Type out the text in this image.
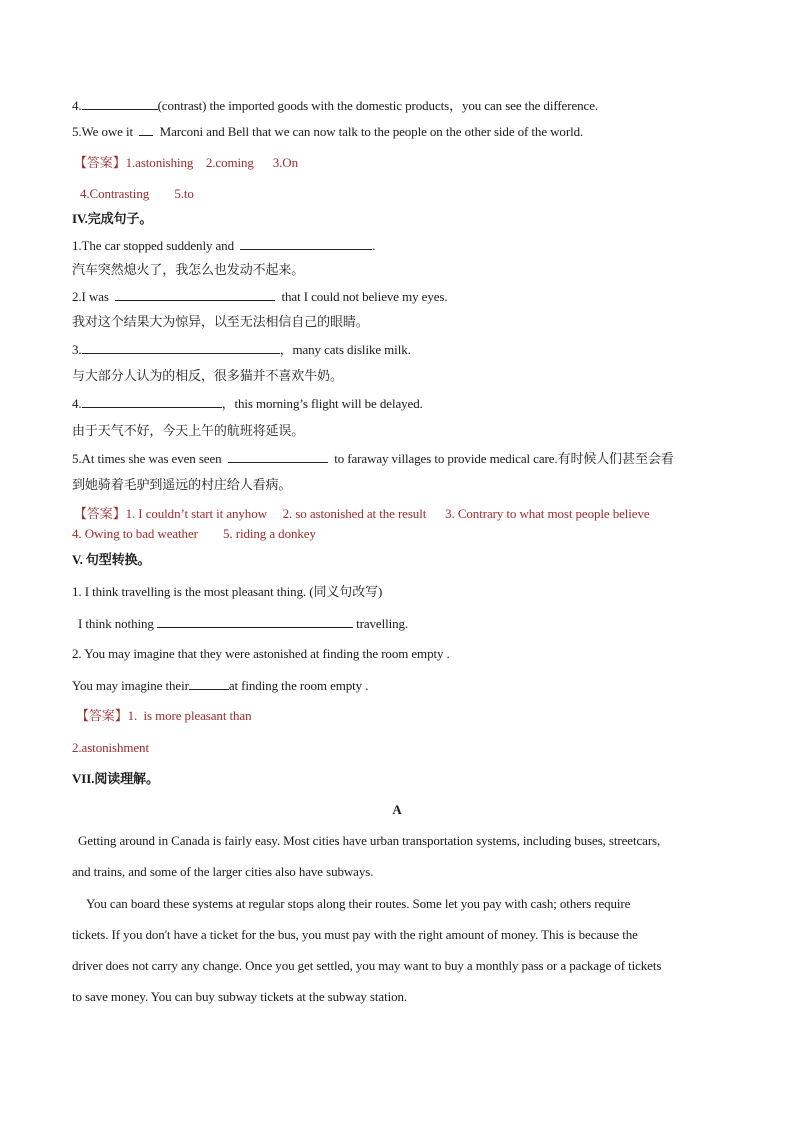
4.	(contrast) the imported goods with the domestic products，you can see the difference.
5.We owe it Marconi and Bell that we can now talk to the people on the other side of the world.
【答案】1.astonishing    2.coming      3.On
4.Contrasting        5.to
IV.完成句子。
1.The car stopped suddenly and	.
汽车突然熄火了，我怎么也发动不起来。
2.I was	that I could not believe my eyes.
我对这个结果大为惊异，以至无法相信自己的眼睛。
3.	，many cats dislike milk.
与大部分人认为的相反，很多猫并不喜欢牛奶。
4.	，this morning’s flight will be delayed.
由于天气不好，今天上午的航班将延误。
5.At times she was even seen	to faraway villages to provide medical care.有时候人们甚至会看
到她骑着毛驴到遥远的村庄给人看病。
【答案】1. I couldn’t start it anyhow     2. so astonished at the result      3. Contrary to what most people believe
4. Owing to bad weather        5. riding a donkey
V. 句型转换。
1. I think travelling is the most pleasant thing. (同义句改写)
I think nothing	travelling.
2. You may imagine that they were astonished at finding the room empty .
You may imagine their	at finding the room empty .
【答案】1.  is more pleasant than
2.astonishment
VII.阅读理解。
A
Getting around in Canada is fairly easy. Most cities have urban transportation systems, including buses, streetcars,
and trains, and some of the larger cities also have subways.
You can board these systems at regular stops along their routes. Some let you pay with cash; others require
tickets. If you don't have a ticket for the bus, you must pay with the right amount of money. This is because the
driver does not carry any change. Once you get settled, you may want to buy a monthly pass or a package of tickets
to save money. You can buy subway tickets at the subway station.
